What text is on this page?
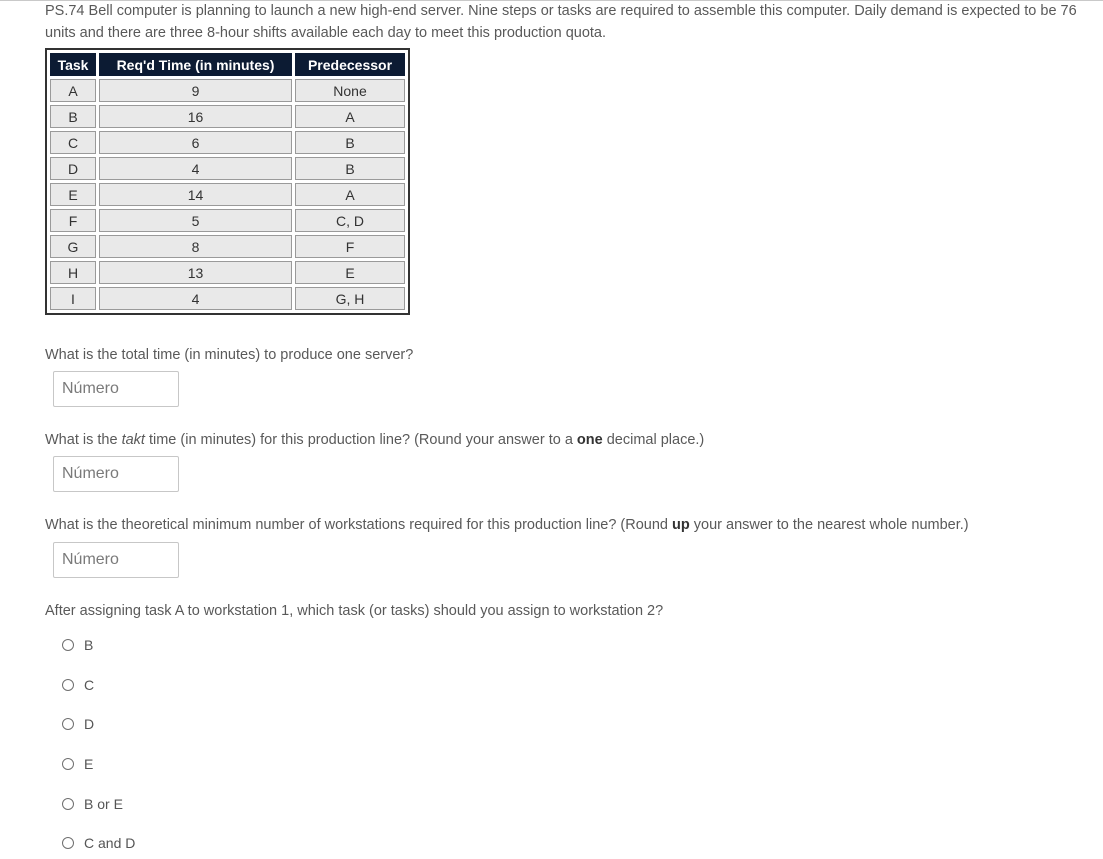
PS.74 Bell computer is planning to launch a new high-end server. Nine steps or tasks are required to assemble this computer. Daily demand is expected to be 76 units and there are three 8-hour shifts available each day to meet this production quota.
Task	Req'd Time (in minutes)	Predecessor
A	9	None
B	16	A
C	6	B
D	4	B
E	14	A
F	5	C, D
G	8	F
H	13	E
I	4	G, H
What is the total time (in minutes) to produce one server?
Número
What is the takt time (in minutes) for this production line? (Round your answer to a one decimal place.)
Número
What is the theoretical minimum number of workstations required for this production line? (Round up your answer to the nearest whole number.)
Número
After assigning task A to workstation 1, which task (or tasks) should you assign to workstation 2?
B
C
D
E
B or E
C and D
